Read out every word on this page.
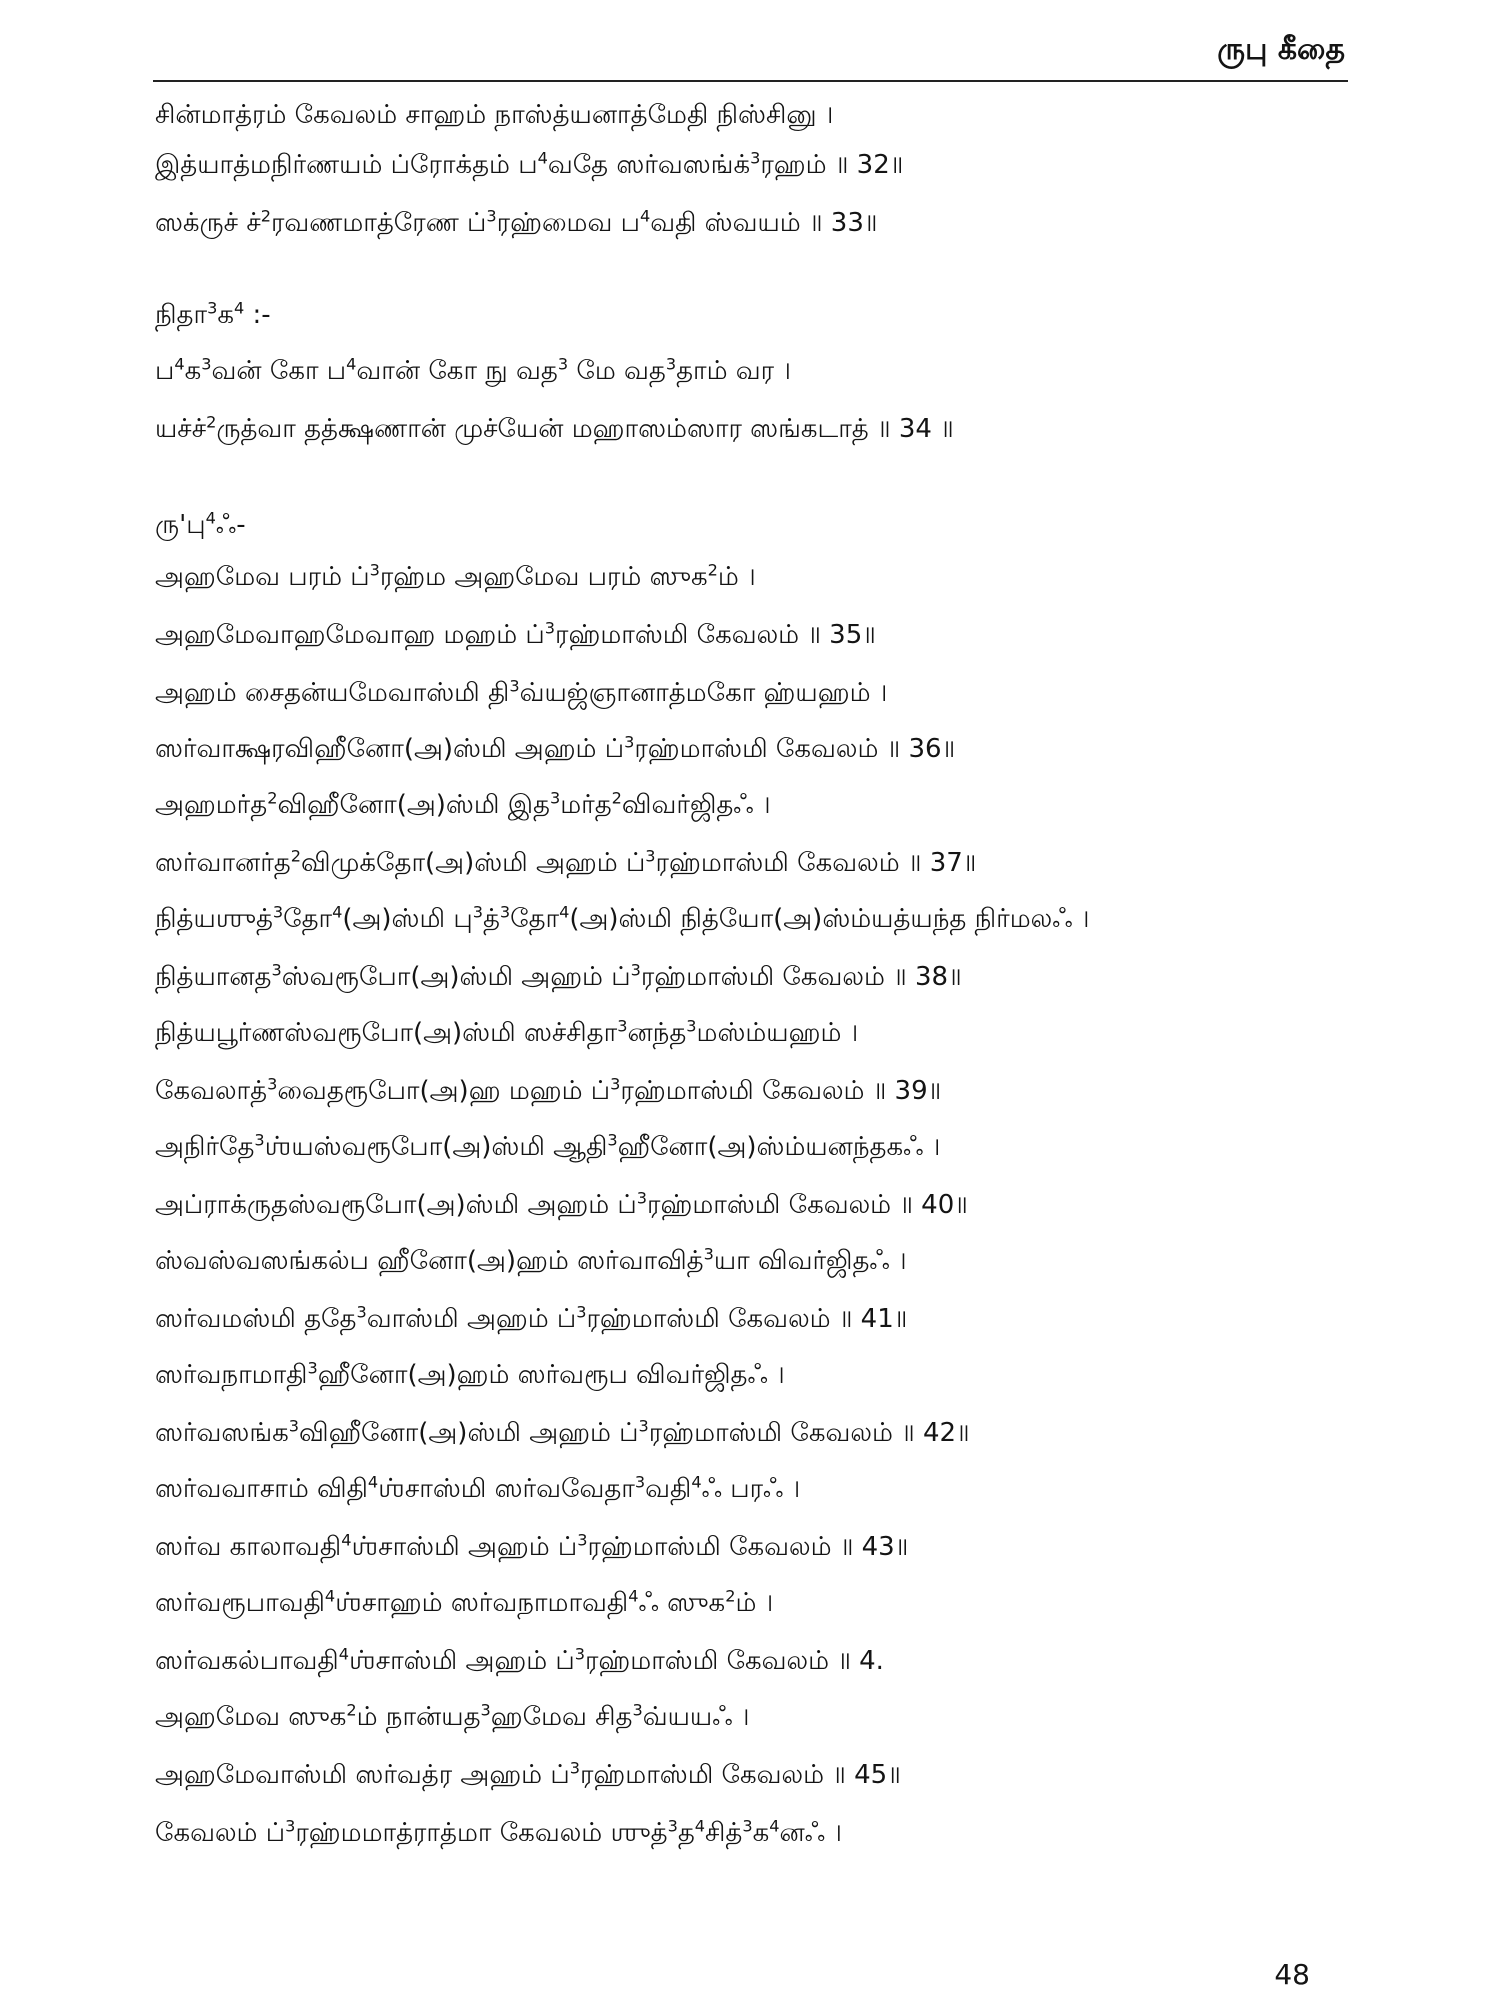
ருபு கீதை
சின்மாத்ரம் கேவலம் சாஹம் நாஸ்த்யனாத்மேதி நிஸ்சினு ।
இத்யாத்மநிர்ணயம் ப்ரோக்தம் ப$^4$வதே ஸர்வஸங்க்$^3$ரஹம் ॥ 32॥
ஸக்ருச் ச்$^2$ரவணமாத்ரேண ப்$^3$ரஹ்மைவ ப$^4$வதி ஸ்வயம் ॥ 33॥
நிதா$^3$க$^4$ :-
ப$^4$க$^3$வன் கோ ப$^4$வான் கோ நு வத$^3$ மே வத$^3$தாம் வர ।
யச்ச்$^2$ருத்வா தத்க்ஷணான் முச்யேன் மஹாஸம்ஸார ஸங்கடாத் ॥ 34 ॥
ரு'பு$^4$ஃ-
அஹமேவ பரம் ப்$^3$ரஹ்ம அஹமேவ பரம் ஸுக$^2$ம் ।
அஹமேவாஹமேவாஹ மஹம் ப்$^3$ரஹ்மாஸ்மி கேவலம் ॥ 35॥
அஹம் சைதன்யமேவாஸ்மி தி$^3$வ்யஜ்ஞானாத்மகோ ஹ்யஹம் ।
ஸர்வாக்ஷரவிஹீனோ(அ)ஸ்மி அஹம் ப்$^3$ரஹ்மாஸ்மி கேவலம் ॥ 36॥
அஹமர்த$^2$விஹீனோ(அ)ஸ்மி இத$^3$மர்த$^2$விவர்ஜிதஃ ।
ஸர்வானர்த$^2$விமுக்தோ(அ)ஸ்மி அஹம் ப்$^3$ரஹ்மாஸ்மி கேவலம் ॥ 37॥
நித்யஶுத்$^3$தோ$^4$(அ)ஸ்மி பு$^3$த்$^3$தோ$^4$(அ)ஸ்மி நித்யோ(அ)ஸ்ம்யத்யந்த நிர்மலஃ ।
நித்யானத$^3$ஸ்வரூபோ(அ)ஸ்மி அஹம் ப்$^3$ரஹ்மாஸ்மி கேவலம் ॥ 38॥
நித்யபூர்ணஸ்வரூபோ(அ)ஸ்மி ஸச்சிதா$^3$னந்த$^3$மஸ்ம்யஹம் ।
கேவலாத்$^3$வைதரூபோ(அ)ஹ மஹம் ப்$^3$ரஹ்மாஸ்மி கேவலம் ॥ 39॥
அநிர்தே$^3$ஶ்யஸ்வரூபோ(அ)ஸ்மி ஆதி$^3$ஹீனோ(அ)ஸ்ம்யனந்தகஃ ।
அப்ராக்ருதஸ்வரூபோ(அ)ஸ்மி அஹம் ப்$^3$ரஹ்மாஸ்மி கேவலம் ॥ 40॥
ஸ்வஸ்வஸங்கல்ப ஹீனோ(அ)ஹம் ஸர்வாவித்$^3$யா விவர்ஜிதஃ ।
ஸர்வமஸ்மி ததே$^3$வாஸ்மி அஹம் ப்$^3$ரஹ்மாஸ்மி கேவலம் ॥ 41॥
ஸர்வநாமாதி$^3$ஹீனோ(அ)ஹம் ஸர்வரூப விவர்ஜிதஃ ।
ஸர்வஸங்க$^3$விஹீனோ(அ)ஸ்மி அஹம் ப்$^3$ரஹ்மாஸ்மி கேவலம் ॥ 42॥
ஸர்வவாசாம் விதி$^4$ஶ்சாஸ்மி ஸர்வவேதா$^3$வதி$^4$ஃ பரஃ ।
ஸர்வ காலாவதி$^4$ஶ்சாஸ்மி அஹம் ப்$^3$ரஹ்மாஸ்மி கேவலம் ॥ 43॥
ஸர்வரூபாவதி$^4$ஶ்சாஹம் ஸர்வநாமாவதி$^4$ஃ ஸுக$^2$ம் ।
ஸர்வகல்பாவதி$^4$ஶ்சாஸ்மி அஹம் ப்$^3$ரஹ்மாஸ்மி கேவலம் ॥ 4.
அஹமேவ ஸுக$^2$ம் நான்யத$^3$ஹமேவ சித$^3$வ்யயஃ ।
அஹமேவாஸ்மி ஸர்வத்ர அஹம் ப்$^3$ரஹ்மாஸ்மி கேவலம் ॥ 45॥
கேவலம் ப்$^3$ரஹ்மமாத்ராத்மா கேவலம் ஶுத்$^3$த$^4$சித்$^3$க$^4$னஃ ।
48
